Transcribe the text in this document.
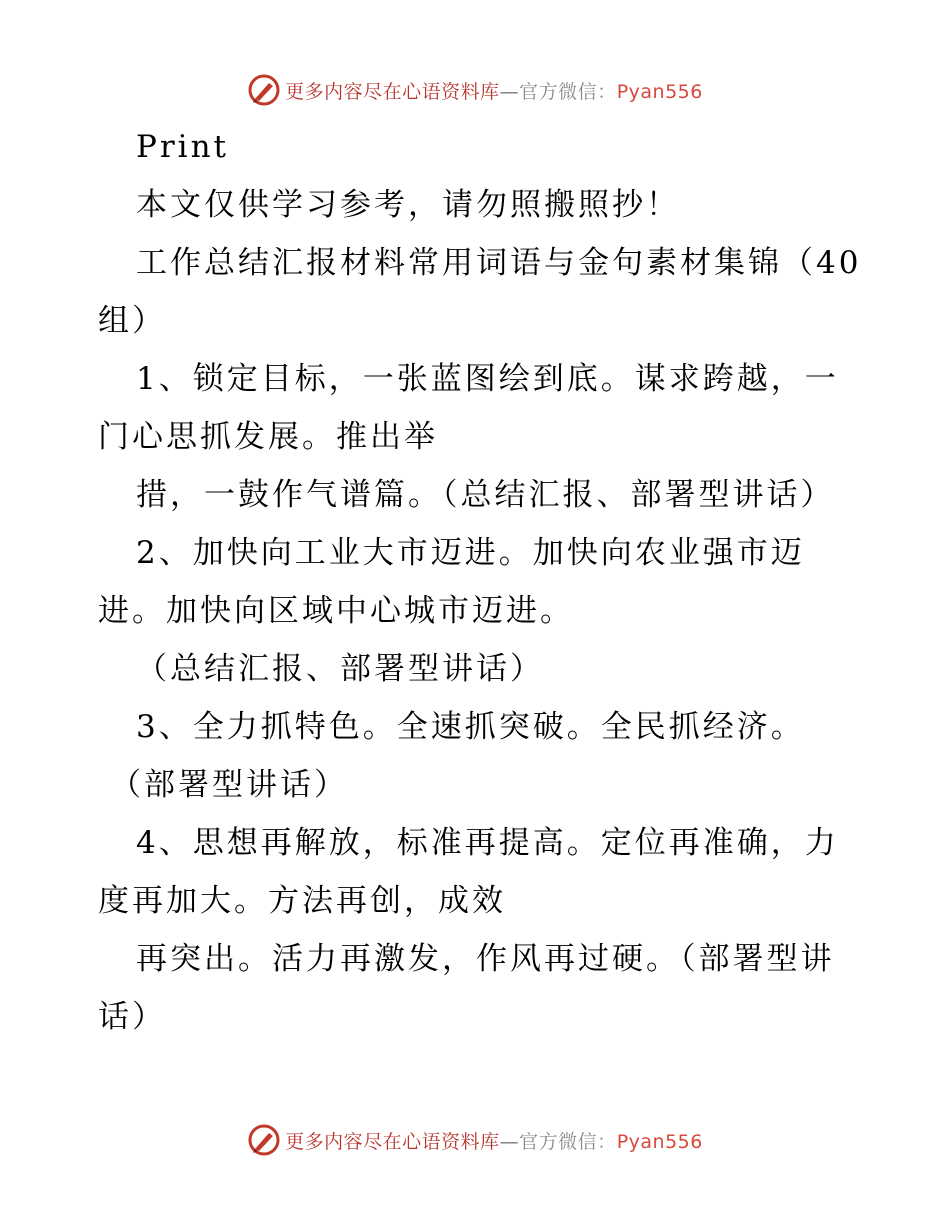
更多内容尽在心语资料库—官方微信：Pyan556
Print
本文仅供学习参考，请勿照搬照抄！
工作总结汇报材料常用词语与金句素材集锦（40
组）
1、锁定目标，一张蓝图绘到底。谋求跨越，一
门心思抓发展。推出举
措，一鼓作气谱篇。（总结汇报、部署型讲话）
2、加快向工业大市迈进。加快向农业强市迈
进。加快向区域中心城市迈进。
（总结汇报、部署型讲话）
3、全力抓特色。全速抓突破。全民抓经济。
（部署型讲话）
4、思想再解放，标准再提高。定位再准确，力
度再加大。方法再创，成效
再突出。活力再激发，作风再过硬。（部署型讲
话）
更多内容尽在心语资料库—官方微信：Pyan556
